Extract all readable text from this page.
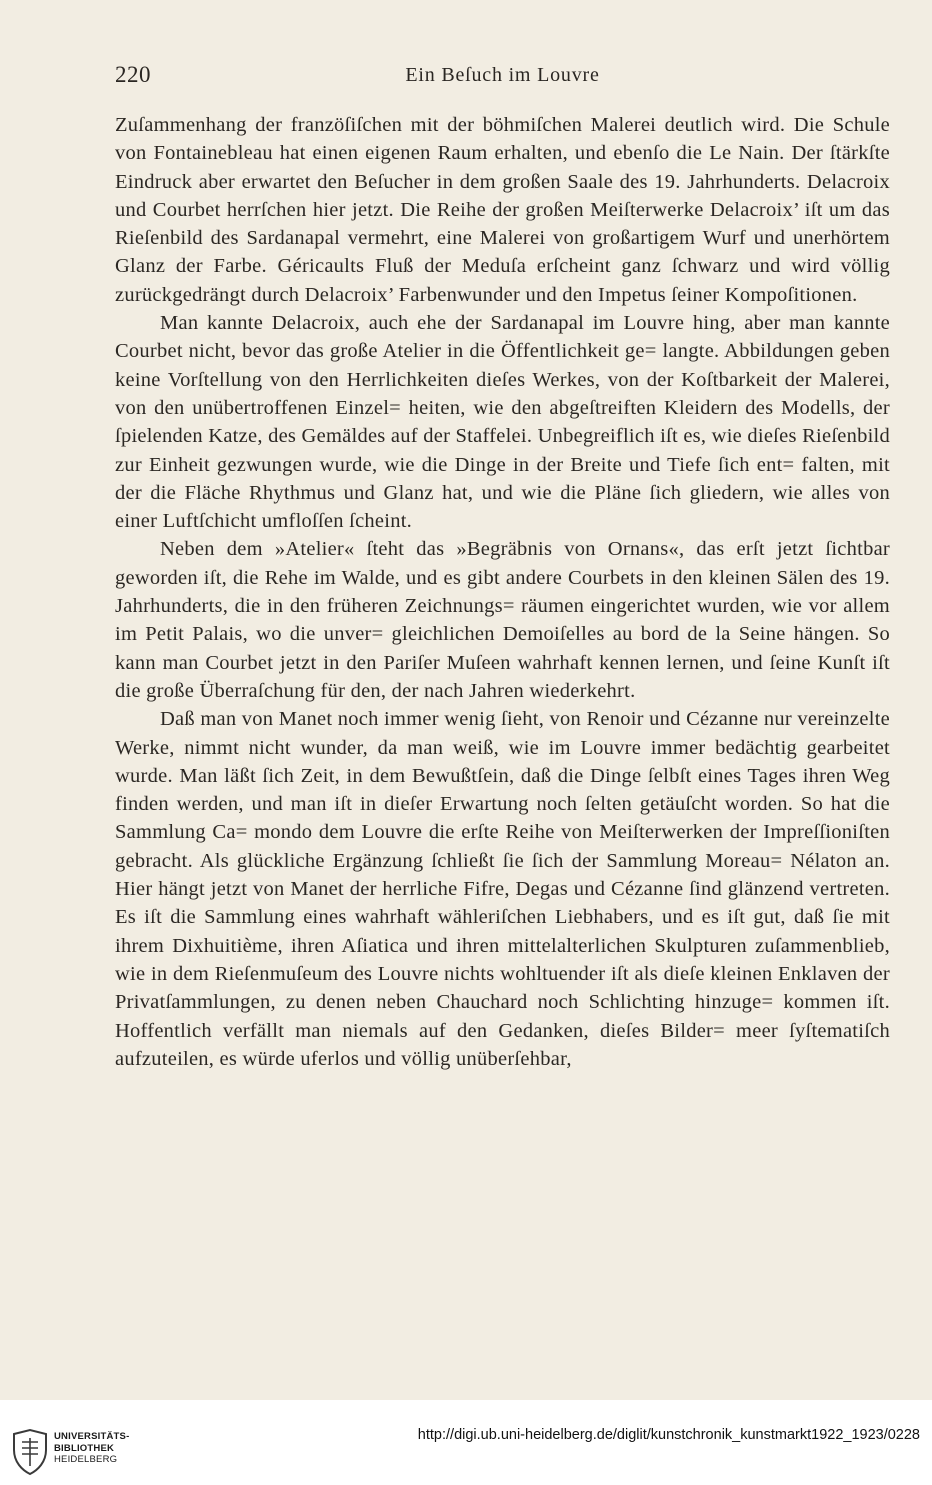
220	Ein Beſuch im Louvre

Zuſammenhang der franzöſiſchen mit der böhmiſchen Malerei deutlich wird. Die Schule von Fontainebleau hat einen eigenen Raum erhalten, und ebenſo die Le Nain. Der ſtärkſte Eindruck aber erwartet den Beſucher in dem großen Saale des 19. Jahrhunderts. Delacroix und Courbet herrſchen hier jetzt. Die Reihe der großen Meiſterwerke Delacroix’ iſt um das Rieſenbild des Sardanapal vermehrt, eine Malerei von großartigem Wurf und unerhörtem Glanz der Farbe. Géricaults Fluß der Meduſa erſcheint ganz ſchwarz und wird völlig zurückgedrängt durch Delacroix’ Farbenwunder und den Impetus ſeiner Kompoſitionen.

Man kannte Delacroix, auch ehe der Sardanapal im Louvre hing, aber man kannte Courbet nicht, bevor das große Atelier in die Öffentlichkeit ge= langte. Abbildungen geben keine Vorſtellung von den Herrlichkeiten dieſes Werkes, von der Koſtbarkeit der Malerei, von den unübertroffenen Einzel= heiten, wie den abgeſtreiften Kleidern des Modells, der ſpielenden Katze, des Gemäldes auf der Staffelei. Unbegreiflich iſt es, wie dieſes Rieſenbild zur Einheit gezwungen wurde, wie die Dinge in der Breite und Tiefe ſich ent= falten, mit der die Fläche Rhythmus und Glanz hat, und wie die Pläne ſich gliedern, wie alles von einer Luftſchicht umfloſſen ſcheint.

Neben dem »Atelier« ſteht das »Begräbnis von Ornans«, das erſt jetzt ſichtbar geworden iſt, die Rehe im Walde, und es gibt andere Courbets in den kleinen Sälen des 19. Jahrhunderts, die in den früheren Zeichnungs= räumen eingerichtet wurden, wie vor allem im Petit Palais, wo die unver= gleichlichen Demoiſelles au bord de la Seine hängen. So kann man Courbet jetzt in den Pariſer Muſeen wahrhaft kennen lernen, und ſeine Kunſt iſt die große Überraſchung für den, der nach Jahren wiederkehrt.

Daß man von Manet noch immer wenig ſieht, von Renoir und Cézanne nur vereinzelte Werke, nimmt nicht wunder, da man weiß, wie im Louvre immer bedächtig gearbeitet wurde. Man läßt ſich Zeit, in dem Bewußtſein, daß die Dinge ſelbſt eines Tages ihren Weg finden werden, und man iſt in dieſer Erwartung noch ſelten getäuſcht worden. So hat die Sammlung Ca= mondo dem Louvre die erſte Reihe von Meiſterwerken der Impreſſioniſten gebracht. Als glückliche Ergänzung ſchließt ſie ſich der Sammlung Moreau= Nélaton an. Hier hängt jetzt von Manet der herrliche Fifre, Degas und Cézanne ſind glänzend vertreten. Es iſt die Sammlung eines wahrhaft wähleriſchen Liebhabers, und es iſt gut, daß ſie mit ihrem Dixhuitième, ihren Aſiatica und ihren mittelalterlichen Skulpturen zuſammenblieb, wie in dem Rieſenmuſeum des Louvre nichts wohltuender iſt als dieſe kleinen Enklaven der Privatſammlungen, zu denen neben Chauchard noch Schlichting hinzuge= kommen iſt. Hoffentlich verfällt man niemals auf den Gedanken, dieſes Bilder= meer ſyſtematiſch aufzuteilen, es würde uferlos und völlig unüberſehbar,

UNIVERSITÄTS-
BIBLIOTHEK
HEIDELBERG
http://digi.ub.uni-heidelberg.de/diglit/kunstchronik_kunstmarkt1922_1923/0228
